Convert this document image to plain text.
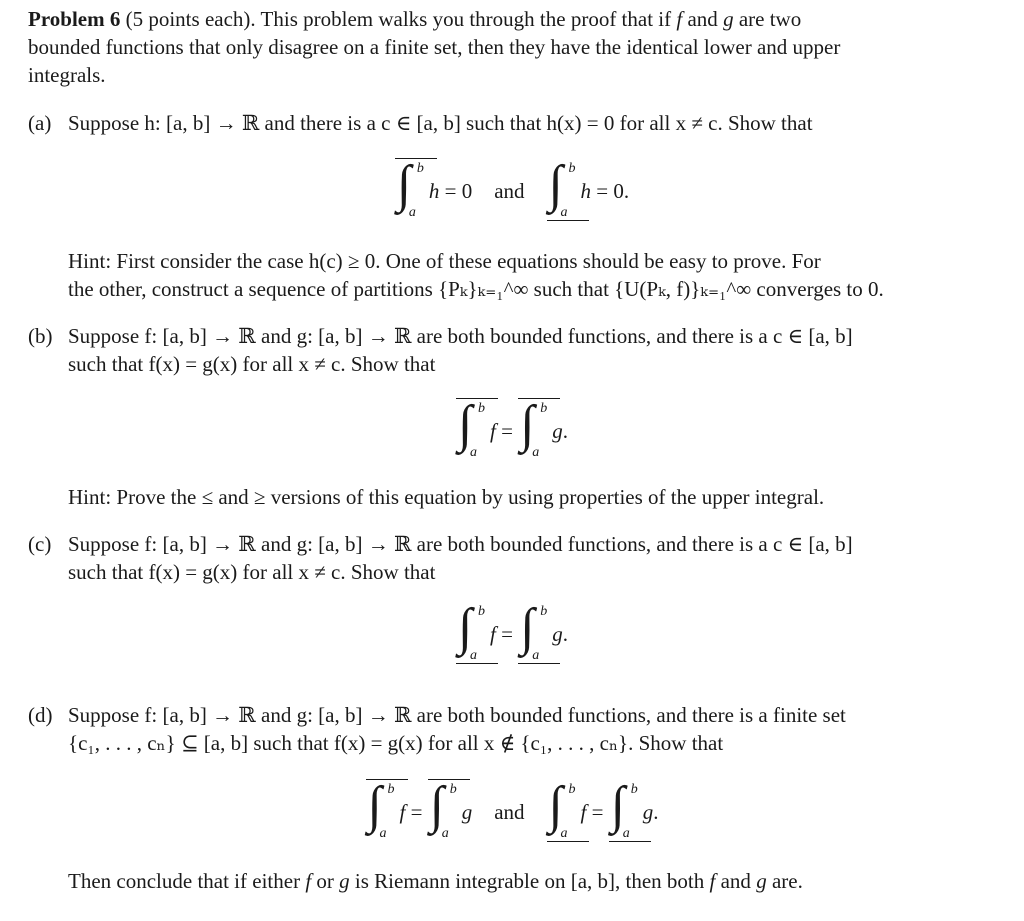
Problem 6 (5 points each). This problem walks you through the proof that if f and g are two
bounded functions that only disagree on a finite set, then they have the identical lower and upper
integrals.
(a) Suppose h: [a, b] → ℝ and there is a c ∈ [a, b] such that h(x) = 0 for all x ≠ c. Show that
∫ b
a
h = 0 and ∫ b
a
h = 0.
Hint: First consider the case h(c) ≥ 0. One of these equations should be easy to prove. For
the other, construct a sequence of partitions {Pₖ}ₖ₌₁^∞ such that {U(Pₖ, f)}ₖ₌₁^∞ converges to 0.
(b) Suppose f: [a, b] → ℝ and g: [a, b] → ℝ are both bounded functions, and there is a c ∈ [a, b]
such that f(x) = g(x) for all x ≠ c. Show that
∫ b
a
f = ∫ b
a
g .
Hint: Prove the ≤ and ≥ versions of this equation by using properties of the upper integral.
(c) Suppose f: [a, b] → ℝ and g: [a, b] → ℝ are both bounded functions, and there is a c ∈ [a, b]
such that f(x) = g(x) for all x ≠ c. Show that
∫ b
a
f = ∫ b
a
g .
(d) Suppose f: [a, b] → ℝ and g: [a, b] → ℝ are both bounded functions, and there is a finite set
{c₁, . . . , cₙ} ⊆ [a, b] such that f(x) = g(x) for all x ∉ {c₁, . . . , cₙ}. Show that
∫ b
a
f = ∫ b
a
g and ∫ b
a
f = ∫ b
a
g .
Then conclude that if either f or g is Riemann integrable on [a, b], then both f and g are.
